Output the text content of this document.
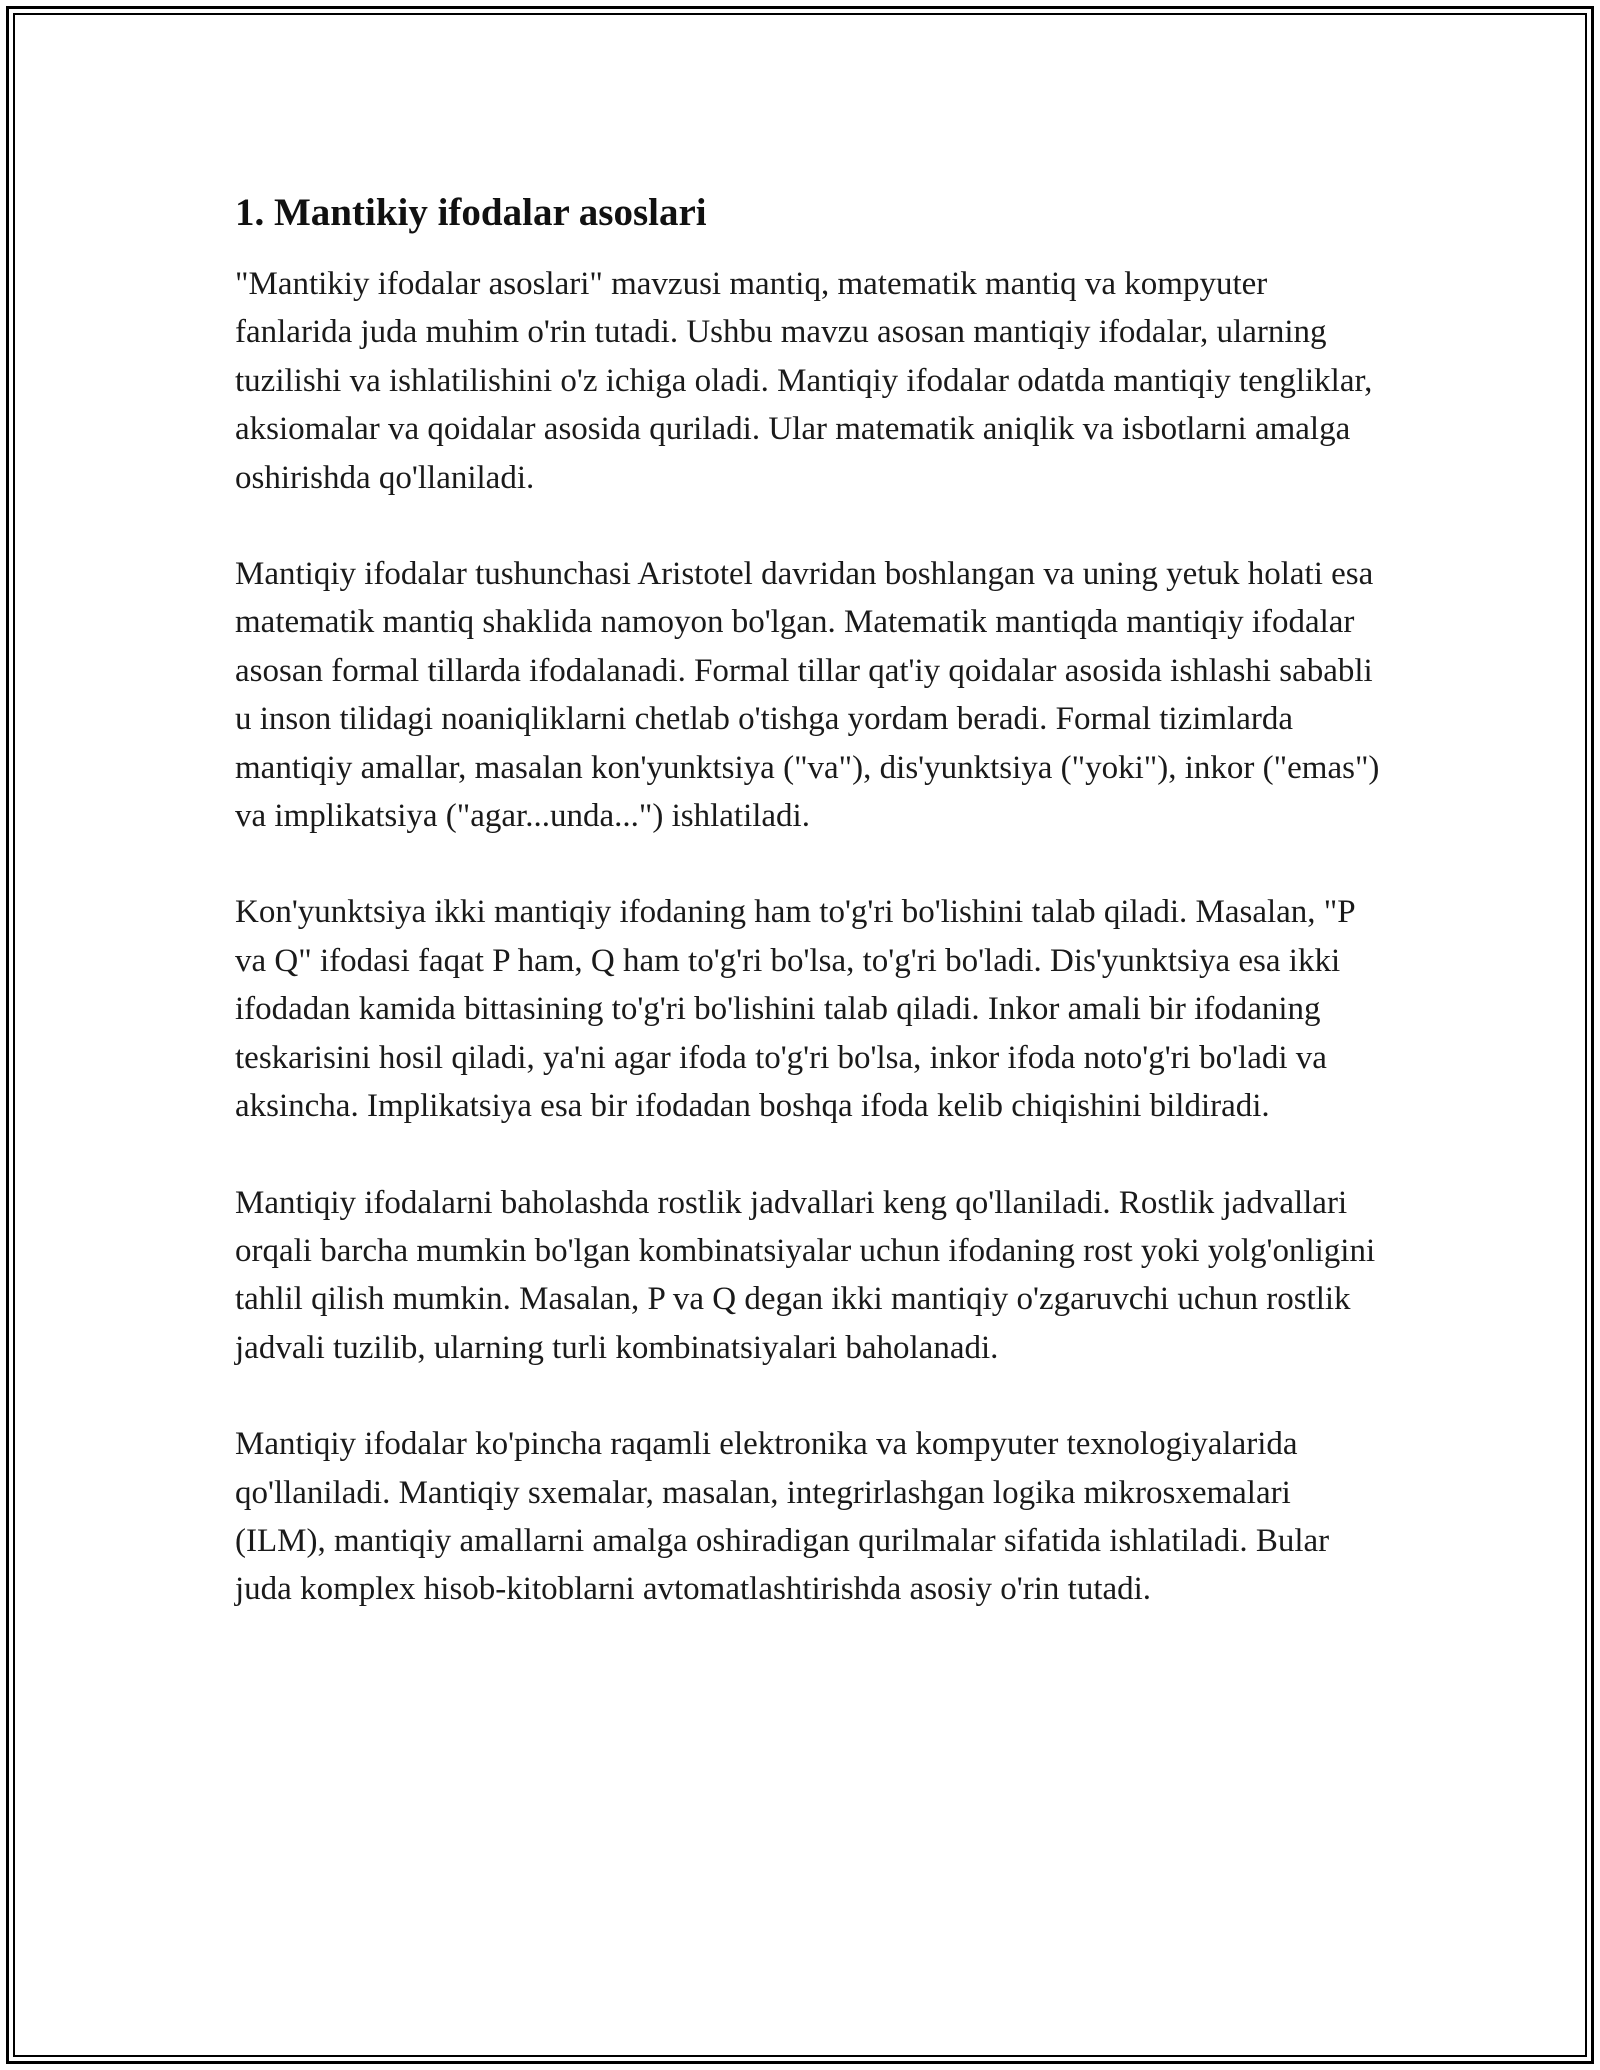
1. Mantikiy ifodalar asoslari

"Mantikiy ifodalar asoslari" mavzusi mantiq, matematik mantiq va kompyuter fanlarida juda muhim o'rin tutadi. Ushbu mavzu asosan mantiqiy ifodalar, ularning tuzilishi va ishlatilishini o'z ichiga oladi. Mantiqiy ifodalar odatda mantiqiy tengliklar, aksiomalar va qoidalar asosida quriladi. Ular matematik aniqlik va isbotlarni amalga oshirishda qo'llaniladi.

Mantiqiy ifodalar tushunchasi Aristotel davridan boshlangan va uning yetuk holati esa matematik mantiq shaklida namoyon bo'lgan. Matematik mantiqda mantiqiy ifodalar asosan formal tillarda ifodalanadi. Formal tillar qat'iy qoidalar asosida ishlashi sababli u inson tilidagi noaniqliklarni chetlab o'tishga yordam beradi. Formal tizimlarda mantiqiy amallar, masalan kon'yunktsiya ("va"), dis'yunktsiya ("yoki"), inkor ("emas") va implikatsiya ("agar...unda...") ishlatiladi.

Kon'yunktsiya ikki mantiqiy ifodaning ham to'g'ri bo'lishini talab qiladi. Masalan, "P va Q" ifodasi faqat P ham, Q ham to'g'ri bo'lsa, to'g'ri bo'ladi. Dis'yunktsiya esa ikki ifodadan kamida bittasining to'g'ri bo'lishini talab qiladi. Inkor amali bir ifodaning teskarisini hosil qiladi, ya'ni agar ifoda to'g'ri bo'lsa, inkor ifoda noto'g'ri bo'ladi va aksincha. Implikatsiya esa bir ifodadan boshqa ifoda kelib chiqishini bildiradi.

Mantiqiy ifodalarni baholashda rostlik jadvallari keng qo'llaniladi. Rostlik jadvallari orqali barcha mumkin bo'lgan kombinatsiyalar uchun ifodaning rost yoki yolg'onligini tahlil qilish mumkin. Masalan, P va Q degan ikki mantiqiy o'zgaruvchi uchun rostlik jadvali tuzilib, ularning turli kombinatsiyalari baholanadi.

Mantiqiy ifodalar ko'pincha raqamli elektronika va kompyuter texnologiyalarida qo'llaniladi. Mantiqiy sxemalar, masalan, integrirlashgan logika mikrosxemalari (ILM), mantiqiy amallarni amalga oshiradigan qurilmalar sifatida ishlatiladi. Bular juda komplex hisob-kitoblarni avtomatlashtirishda asosiy o'rin tutadi.
